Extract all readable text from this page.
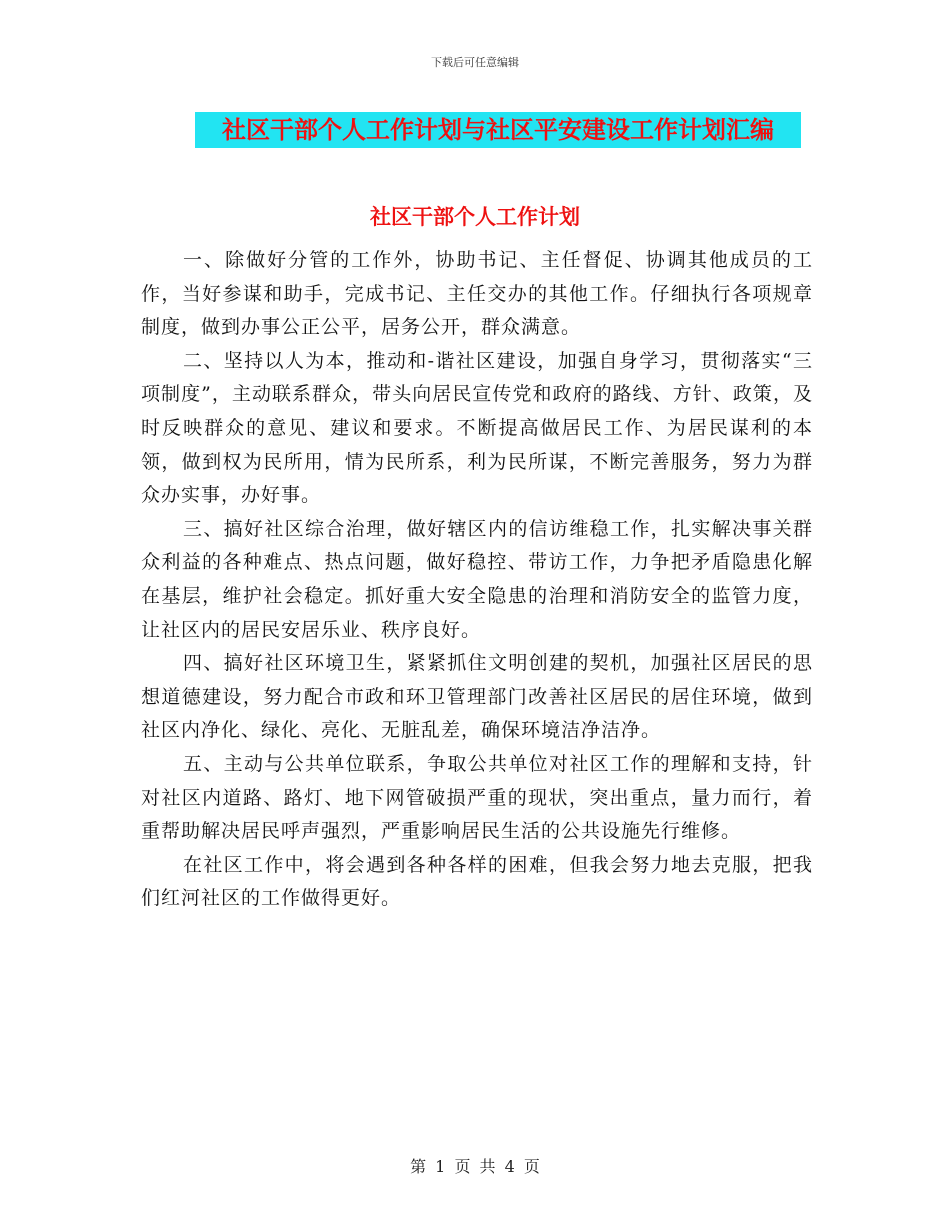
下载后可任意编辑
社区干部个人工作计划与社区平安建设工作计划汇编
社区干部个人工作计划

一、除做好分管的工作外，协助书记、主任督促、协调其他成员的工作，当好参谋和助手，完成书记、主任交办的其他工作。仔细执行各项规章制度，做到办事公正公平，居务公开，群众满意。

二、坚持以人为本，推动和-谐社区建设，加强自身学习，贯彻落实“三项制度”，主动联系群众，带头向居民宣传党和政府的路线、方针、政策，及时反映群众的意见、建议和要求。不断提高做居民工作、为居民谋利的本领，做到权为民所用，情为民所系，利为民所谋，不断完善服务，努力为群众办实事，办好事。

三、搞好社区综合治理，做好辖区内的信访维稳工作，扎实解决事关群众利益的各种难点、热点问题，做好稳控、带访工作，力争把矛盾隐患化解在基层，维护社会稳定。抓好重大安全隐患的治理和消防安全的监管力度，让社区内的居民安居乐业、秩序良好。

四、搞好社区环境卫生，紧紧抓住文明创建的契机，加强社区居民的思想道德建设，努力配合市政和环卫管理部门改善社区居民的居住环境，做到社区内净化、绿化、亮化、无脏乱差，确保环境洁净洁净。

五、主动与公共单位联系，争取公共单位对社区工作的理解和支持，针对社区内道路、路灯、地下网管破损严重的现状，突出重点，量力而行，着重帮助解决居民呼声强烈，严重影响居民生活的公共设施先行维修。

在社区工作中，将会遇到各种各样的困难，但我会努力地去克服，把我们红河社区的工作做得更好。

第 1 页 共 4 页
